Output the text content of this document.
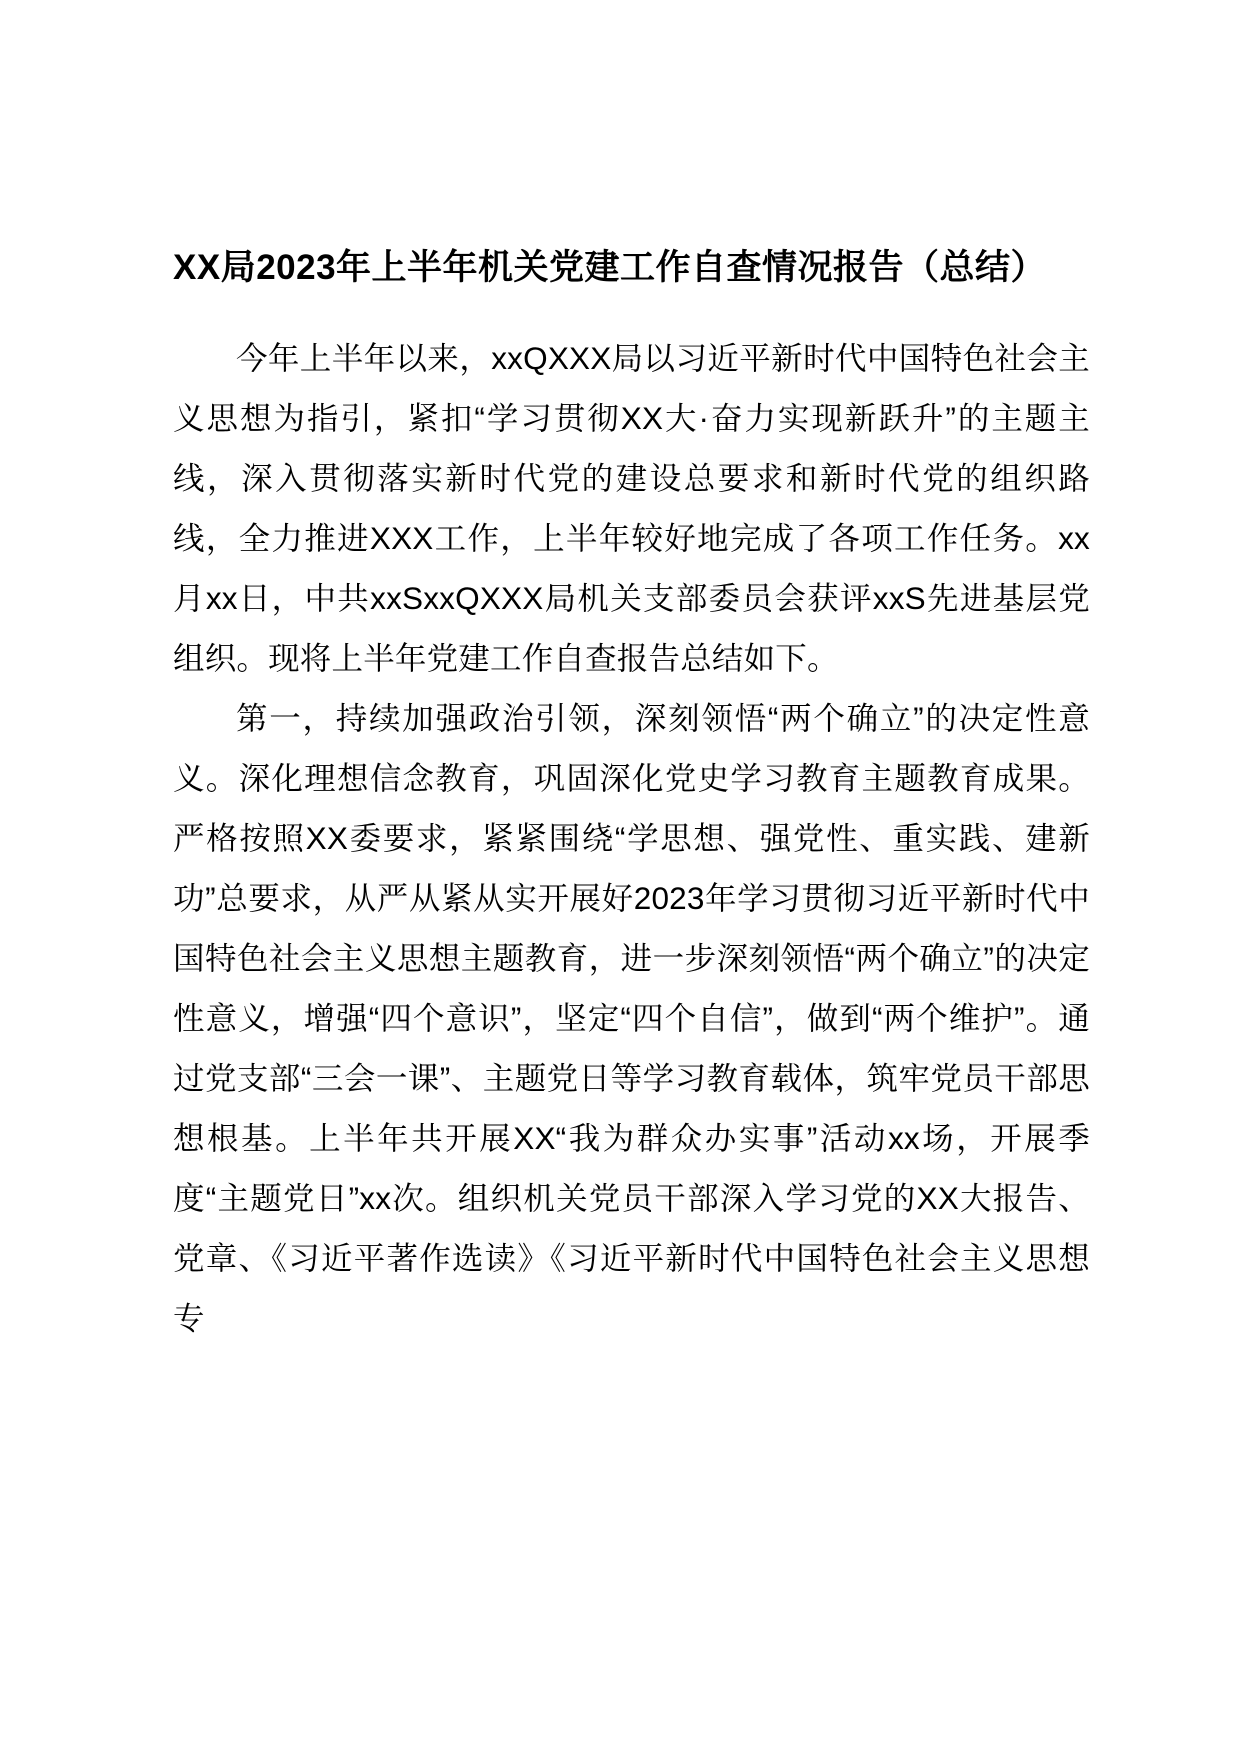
XX局2023年上半年机关党建工作自查情况报告（总结）

今年上半年以来，xxQXXX局以习近平新时代中国特色社会主义思想为指引，紧扣“学习贯彻XX大·奋力实现新跃升”的主题主线，深入贯彻落实新时代党的建设总要求和新时代党的组织路线，全力推进XXX工作，上半年较好地完成了各项工作任务。xx月xx日，中共xxSxxQXXX局机关支部委员会获评xxS先进基层党组织。现将上半年党建工作自查报告总结如下。

第一，持续加强政治引领，深刻领悟“两个确立”的决定性意义。深化理想信念教育，巩固深化党史学习教育主题教育成果。严格按照XX委要求，紧紧围绕“学思想、强党性、重实践、建新功”总要求，从严从紧从实开展好2023年学习贯彻习近平新时代中国特色社会主义思想主题教育，进一步深刻领悟“两个确立”的决定性意义，增强“四个意识”，坚定“四个自信”，做到“两个维护”。通过党支部“三会一课”、主题党日等学习教育载体，筑牢党员干部思想根基。上半年共开展XX“我为群众办实事”活动xx场，开展季度“主题党日”xx次。组织机关党员干部深入学习党的XX大报告、党章、《习近平著作选读》《习近平新时代中国特色社会主义思想专
